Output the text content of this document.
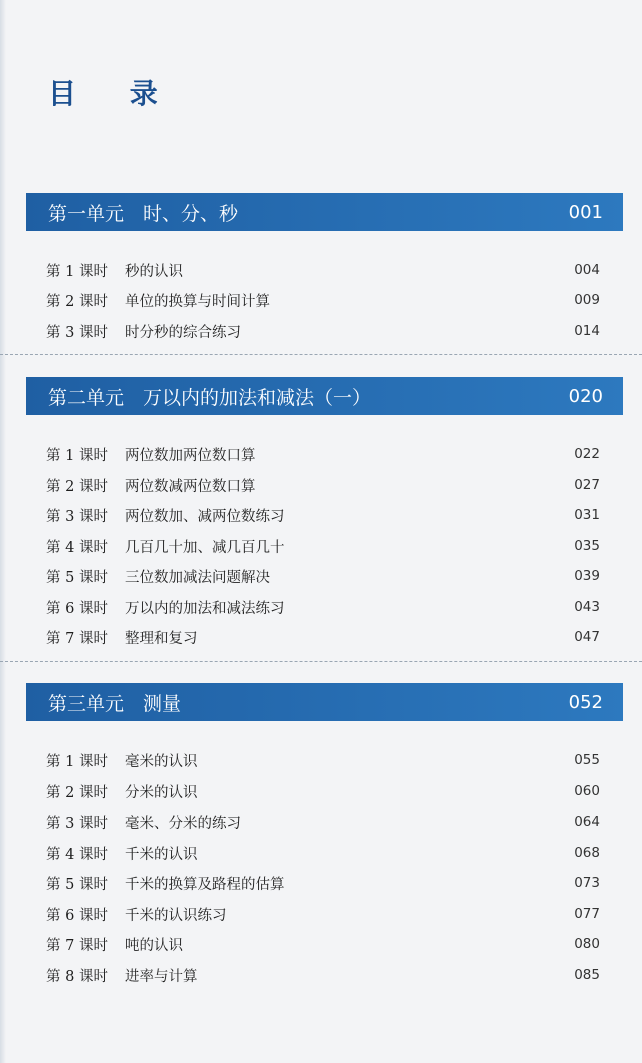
目 录
第一单元　时、分、秒	001
第 1 课时	秒的认识	004
第 2 课时	单位的换算与时间计算	009
第 3 课时	时分秒的综合练习	014
第二单元　万以内的加法和减法（一）	020
第 1 课时	两位数加两位数口算	022
第 2 课时	两位数减两位数口算	027
第 3 课时	两位数加、减两位数练习	031
第 4 课时	几百几十加、减几百几十	035
第 5 课时	三位数加减法问题解决	039
第 6 课时	万以内的加法和减法练习	043
第 7 课时	整理和复习	047
第三单元　测量	052
第 1 课时	毫米的认识	055
第 2 课时	分米的认识	060
第 3 课时	毫米、分米的练习	064
第 4 课时	千米的认识	068
第 5 课时	千米的换算及路程的估算	073
第 6 课时	千米的认识练习	077
第 7 课时	吨的认识	080
第 8 课时	进率与计算	085
